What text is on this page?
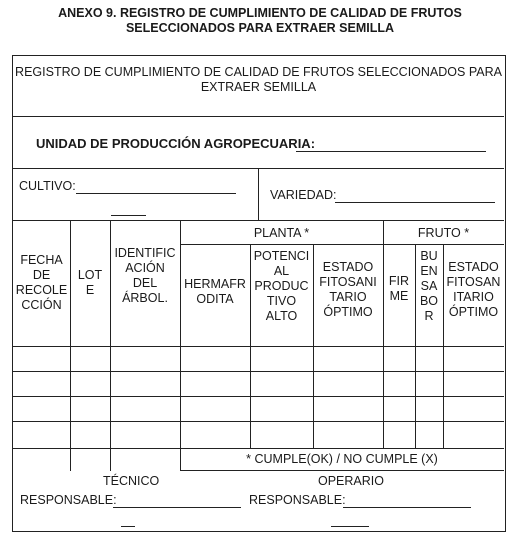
ANEXO 9. REGISTRO DE CUMPLIMIENTO DE CALIDAD DE FRUTOS
SELECCIONADOS PARA EXTRAER SEMILLA
REGISTRO DE CUMPLIMIENTO DE CALIDAD DE FRUTOS SELECCIONADOS PARA
EXTRAER SEMILLA
UNIDAD DE PRODUCCIÓN AGROPECUARIA:
CULTIVO:
VARIEDAD:
FECHA
DE
RECOLE
CCIÓN
LOT
E
IDENTIFIC
ACIÓN
DEL
ÁRBOL.
PLANTA *	FRUTO *
HERMAFR
ODITA
POTENCI
AL
PRODUC
TIVO
ALTO
ESTADO
FITOSANI
TARIO
ÓPTIMO
FIR
ME
BU
EN
SA
BO
R
ESTADO
FITOSAN
ITARIO
ÓPTIMO
* CUMPLE(OK) / NO CUMPLE (X)
TÉCNICO
RESPONSABLE:
OPERARIO
RESPONSABLE:
